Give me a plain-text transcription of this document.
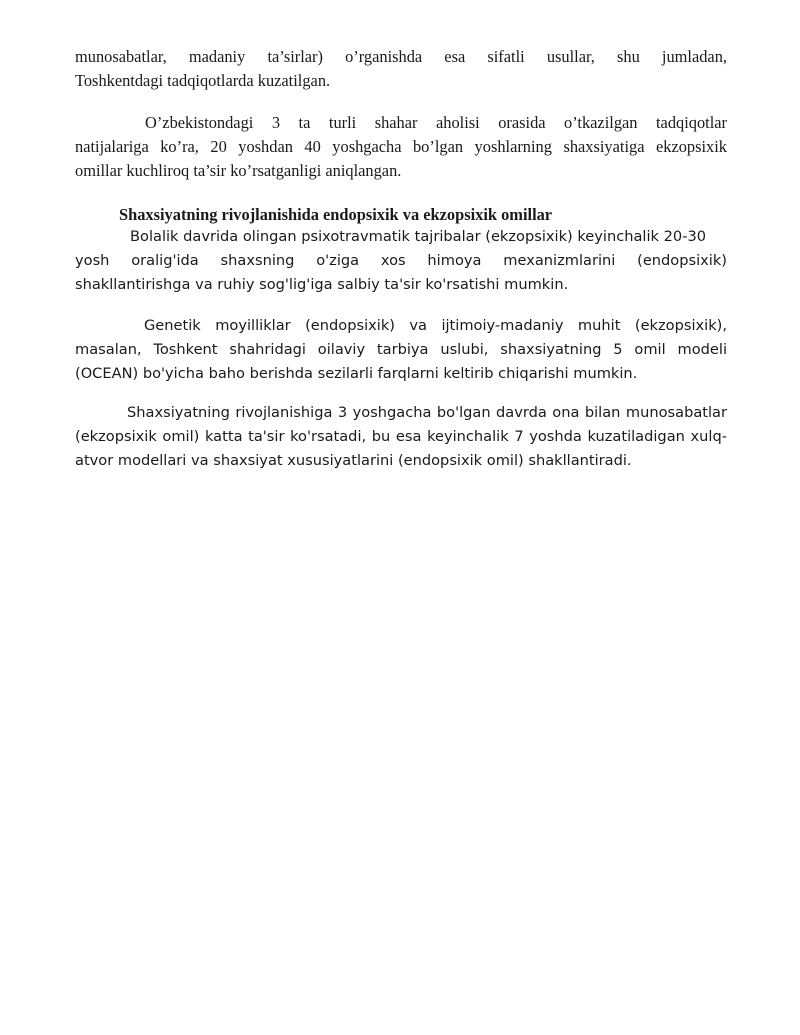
munosabatlar, madaniy ta’sirlar) o’rganishda esa sifatli usullar, shu jumladan,
Toshkentdagi tadqiqotlarda kuzatilgan.
O’zbekistondagi 3 ta turli shahar aholisi orasida o’tkazilgan tadqiqotlar
natijalariga ko’ra, 20 yoshdan 40 yoshgacha bo’lgan yoshlarning shaxsiyatiga ekzopsixik
omillar kuchliroq ta’sir ko’rsatganligi aniqlangan.
Shaxsiyatning rivojlanishida endopsixik va ekzopsixik omillar
Bolalik davrida olingan psixotravmatik tajribalar (ekzopsixik) keyinchalik 20-30
yosh oralig'ida shaxsning o'ziga xos himoya mexanizmlarini (endopsixik)
shakllantirishga va ruhiy sog'lig'iga salbiy ta'sir ko'rsatishi mumkin.
Genetik moyilliklar (endopsixik) va ijtimoiy-madaniy muhit (ekzopsixik),
masalan, Toshkent shahridagi oilaviy tarbiya uslubi, shaxsiyatning 5 omil modeli
(OCEAN) bo'yicha baho berishda sezilarli farqlarni keltirib chiqarishi mumkin.
Shaxsiyatning rivojlanishiga 3 yoshgacha bo'lgan davrda ona bilan munosabatlar
(ekzopsixik omil) katta ta'sir ko'rsatadi, bu esa keyinchalik 7 yoshda kuzatiladigan xulq-
atvor modellari va shaxsiyat xususiyatlarini (endopsixik omil) shakllantiradi.
